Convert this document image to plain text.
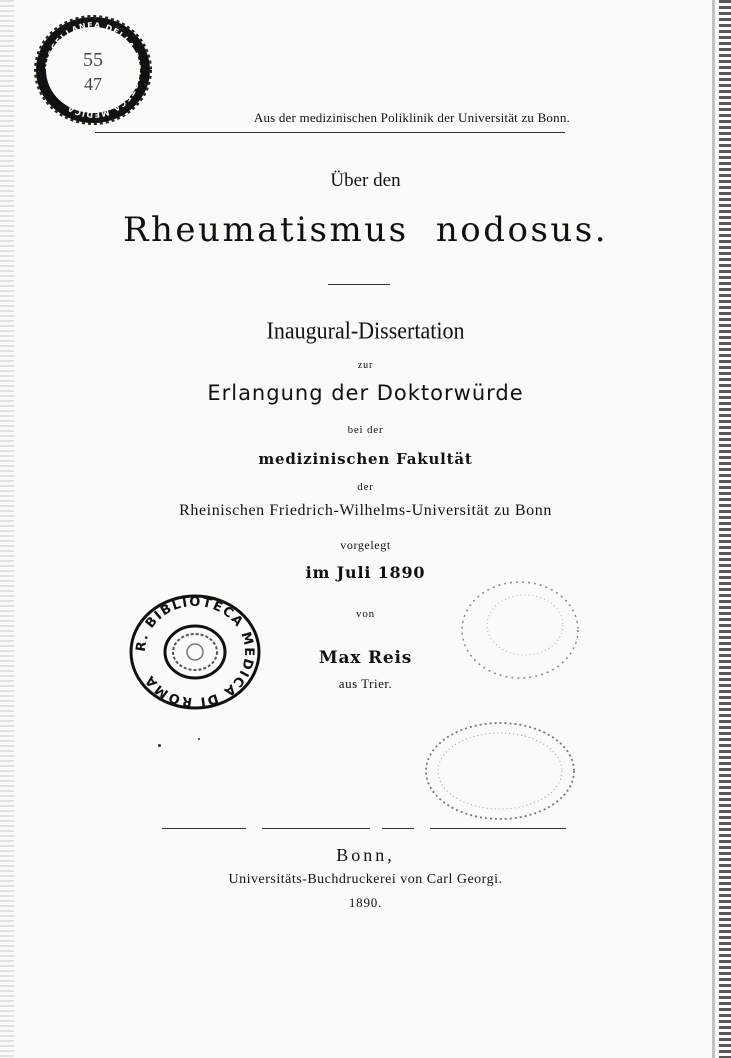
MISCELLANEA DELLA BIBLIOTECA MEDICA
55
47
Aus der medizinischen Poliklinik der Universität zu Bonn.
Über den
Rheumatismus nodosus.
Inaugural-Dissertation
zur
Erlangung der Doktorwürde
bei der
medizinischen Fakultät
der
Rheinischen Friedrich-Wilhelms-Universität zu Bonn
vorgelegt
im Juli 1890
von
Max Reis
aus Trier.
R. BIBLIOTECA MEDICA DI ROMA
Bonn,
Universitäts-Buchdruckerei von Carl Georgi.
1890.
